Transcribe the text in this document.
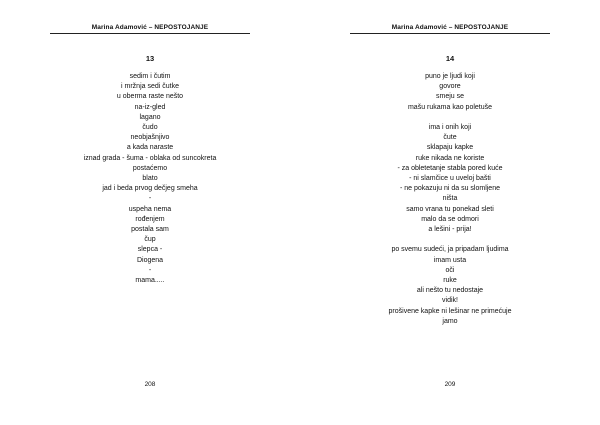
Marina Adamović – NEPOSTOJANJE
13
sedim i čutim
i mržnja sedi čutke
u oberma raste nešto
na-iz-gled
lagano
čudo
neobjašnjivo
a kada naraste
iznad grada - šuma - oblaka od suncokreta
postaćemo
blato
jad i beda prvog dečjeg smeha
-
uspeha nema
rođenjem
postala sam
čup
slepca -
Diogena
-
mama.....
208
Marina Adamović – NEPOSTOJANJE
14
puno je ljudi koji
govore
smeju se
mašu rukama kao poletuše
ima i onih koji
čute
sklapaju kapke
ruke nikada ne koriste
- za obletetanje stabla pored kuće
- ni slamčice u uveloj bašti
- ne pokazuju ni da su slomljene
ništa
samo vrana tu ponekad sleti
malo da se odmori
a lešini - prija!
po svemu sudeći, ja pripadam ljudima
imam usta
oči
ruke
ali nešto tu nedostaje
vidik!
prošivene kapke ni lešinar ne primećuje
jamo
209
